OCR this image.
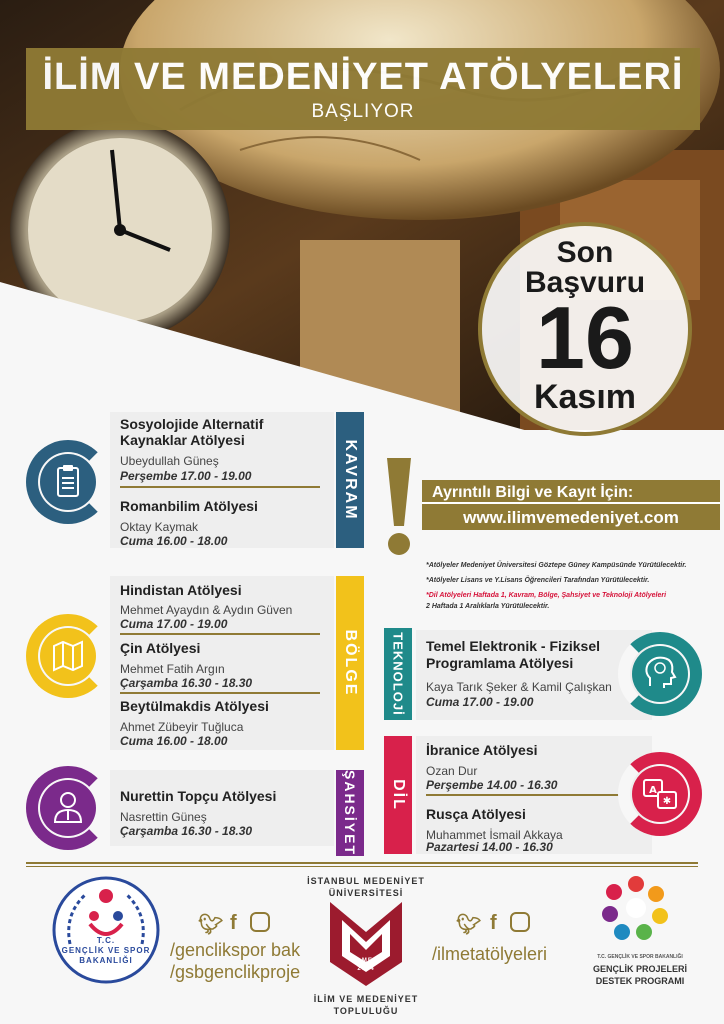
İLİM VE MEDENİYET ATÖLYELERİ
BAŞLIYOR
Son
Başvuru
16
Kasım
Sosyolojide Alternatif
Kaynaklar Atölyesi
Ubeydullah Güneş
Perşembe 17.00 - 19.00
Romanbilim Atölyesi
Oktay Kaymak
Cuma 16.00 - 18.00
KAVRAM
Hindistan Atölyesi
Mehmet Ayaydın & Aydın Güven
Cuma 17.00 - 19.00
Çin Atölyesi
Mehmet Fatih Argın
Çarşamba 16.30 - 18.30
Beytülmakdis Atölyesi
Ahmet Zübeyir Tuğluca
Cuma 16.00 - 18.00
BÖLGE
Nurettin Topçu Atölyesi
Nasrettin Güneş
Çarşamba 16.30 - 18.30	ŞAHSİYET
Ayrıntılı Bilgi ve Kayıt İçin:
www.ilimvemedeniyet.com
*Atölyeler Medeniyet Üniversitesi Göztepe Güney Kampüsünde Yürütülecektir.
*Atölyeler Lisans ve Y.Lisans Öğrencileri Tarafından Yürütülecektir.
*Dil Atölyeleri Haftada 1, Kavram, Bölge, Şahsiyet ve Teknoloji Atölyeleri
2 Haftada 1 Aralıklarla Yürütülecektir.
TEKNOLOJİ Temel Elektronik - Fiziksel
Programlama Atölyesi
Kaya Tarık Şeker & Kamil Çalışkan
Cuma 17.00 - 19.00
DİL
İbranice Atölyesi
Ozan Dur
Perşembe 14.00 - 16.30
Rusça Atölyesi
Muhammet İsmail Akkaya
Pazartesi 14.00 - 16.30
A
✱
T.C.
GENÇLİK VE SPOR
BAKANLIĞI
🐦︎ f
/genclikspor bak
/gsbgenclikproje
İSTANBUL MEDENİYET
ÜNİVERSİTESİ
İLMET
2014
İLİM VE MEDENİYET
TOPLULUĞU
🐦︎ f
/ilmetatölyeleri	T.C. GENÇLİK VE SPOR BAKANLIĞI
GENÇLİK PROJELERİ
DESTEK PROGRAMI
